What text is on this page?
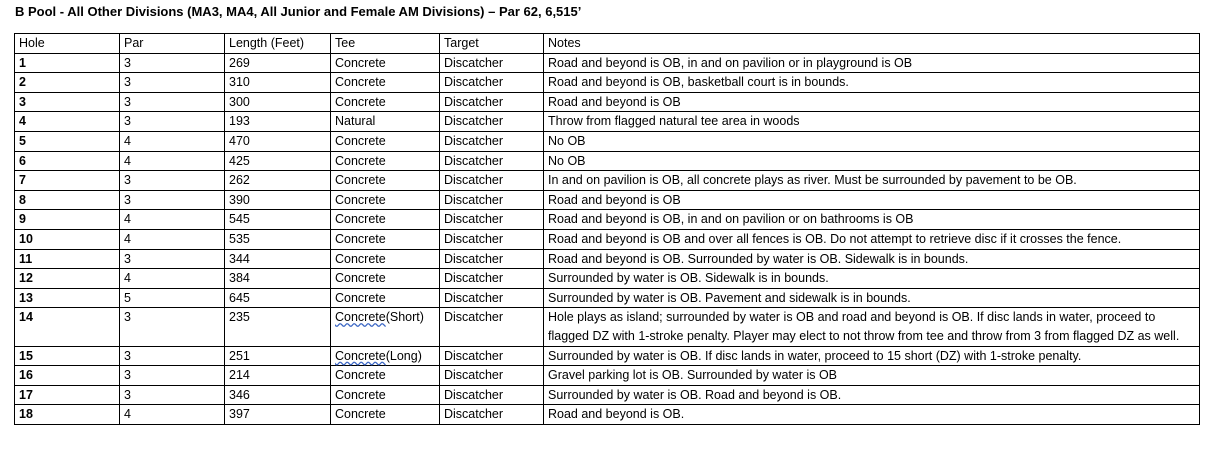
B Pool - All Other Divisions (MA3, MA4, All Junior and Female AM Divisions) – Par 62, 6,515’
Hole	Par	Length (Feet)	Tee	Target	Notes
1	3	269	Concrete	Discatcher	Road and beyond is OB, in and on pavilion or in playground is OB
2	3	310	Concrete	Discatcher	Road and beyond is OB, basketball court is in bounds.
3	3	300	Concrete	Discatcher	Road and beyond is OB
4	3	193	Natural	Discatcher	Throw from flagged natural tee area in woods
5	4	470	Concrete	Discatcher	No OB
6	4	425	Concrete	Discatcher	No OB
7	3	262	Concrete	Discatcher	In and on pavilion is OB, all concrete plays as river. Must be surrounded by pavement to be OB.
8	3	390	Concrete	Discatcher	Road and beyond is OB
9	4	545	Concrete	Discatcher	Road and beyond is OB, in and on pavilion or on bathrooms is OB
10	4	535	Concrete	Discatcher	Road and beyond is OB and over all fences is OB. Do not attempt to retrieve disc if it crosses the fence.
11	3	344	Concrete	Discatcher	Road and beyond is OB. Surrounded by water is OB. Sidewalk is in bounds.
12	4	384	Concrete	Discatcher	Surrounded by water is OB. Sidewalk is in bounds.
13	5	645	Concrete	Discatcher	Surrounded by water is OB. Pavement and sidewalk is in bounds.
14	3	235	Concrete(Short)	Discatcher	Hole plays as island; surrounded by water is OB and road and beyond is OB. If disc lands in water, proceed to flagged DZ with 1-stroke penalty. Player may elect to not throw from tee and throw from 3 from flagged DZ as well.
15	3	251	Concrete(Long)	Discatcher	Surrounded by water is OB. If disc lands in water, proceed to 15 short (DZ) with 1-stroke penalty.
16	3	214	Concrete	Discatcher	Gravel parking lot is OB. Surrounded by water is OB
17	3	346	Concrete	Discatcher	Surrounded by water is OB. Road and beyond is OB.
18	4	397	Concrete	Discatcher	Road and beyond is OB.
